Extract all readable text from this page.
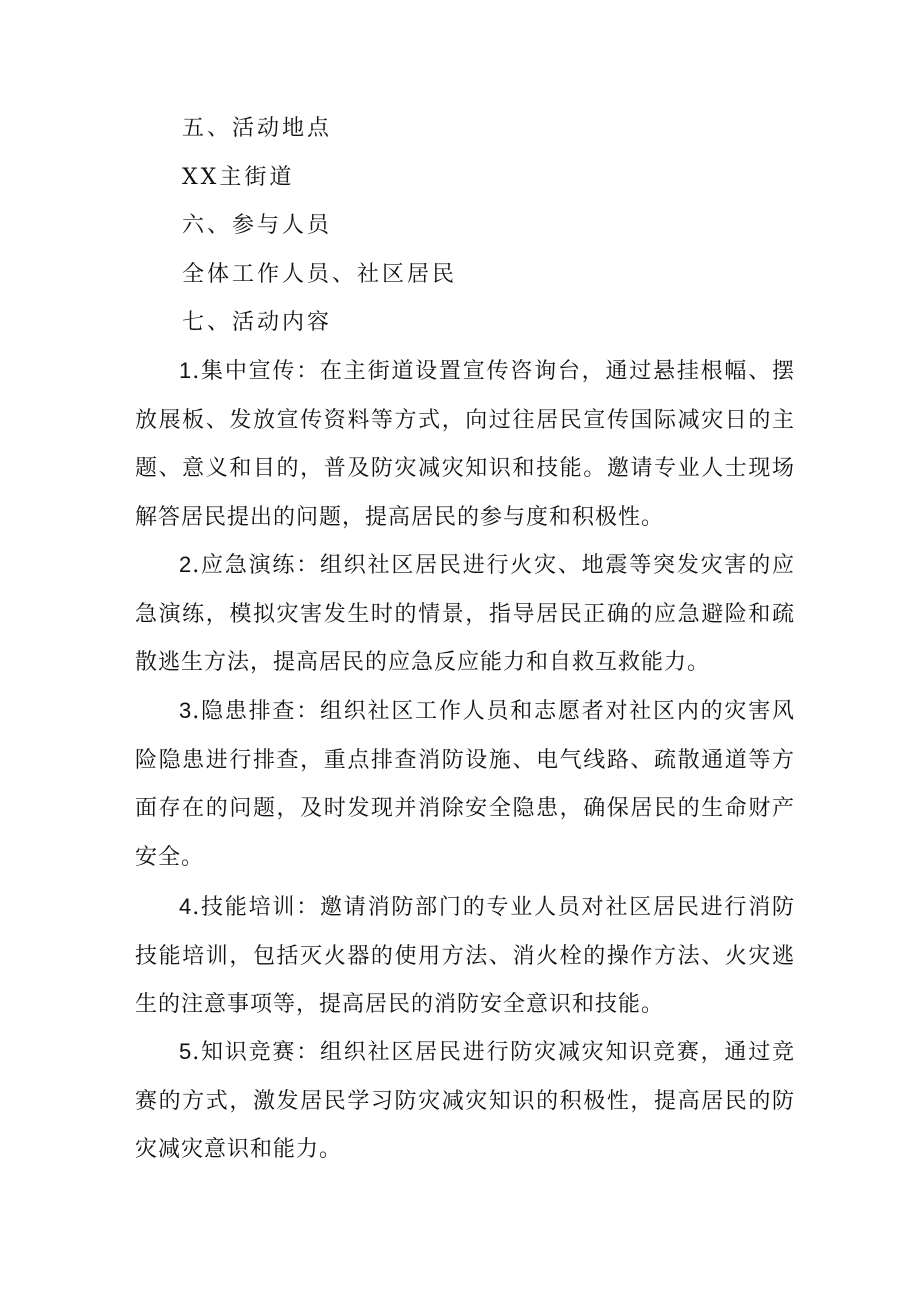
五、活动地点
XX主街道
六、参与人员
全体工作人员、社区居民
七、活动内容
1.集中宣传：在主街道设置宣传咨询台，通过悬挂根幅、摆放展板、发放宣传资料等方式，向过往居民宣传国际减灾日的主题、意义和目的，普及防灾减灾知识和技能。邀请专业人士现场解答居民提出的问题，提高居民的参与度和积极性。
2.应急演练：组织社区居民进行火灾、地震等突发灾害的应急演练，模拟灾害发生时的情景，指导居民正确的应急避险和疏散逃生方法，提高居民的应急反应能力和自救互救能力。
3.隐患排查：组织社区工作人员和志愿者对社区内的灾害风险隐患进行排查，重点排查消防设施、电气线路、疏散通道等方面存在的问题，及时发现并消除安全隐患，确保居民的生命财产安全。
4.技能培训：邀请消防部门的专业人员对社区居民进行消防技能培训，包括灭火器的使用方法、消火栓的操作方法、火灾逃生的注意事项等，提高居民的消防安全意识和技能。
5.知识竞赛：组织社区居民进行防灾减灾知识竞赛，通过竞赛的方式，激发居民学习防灾减灾知识的积极性，提高居民的防灾减灾意识和能力。
